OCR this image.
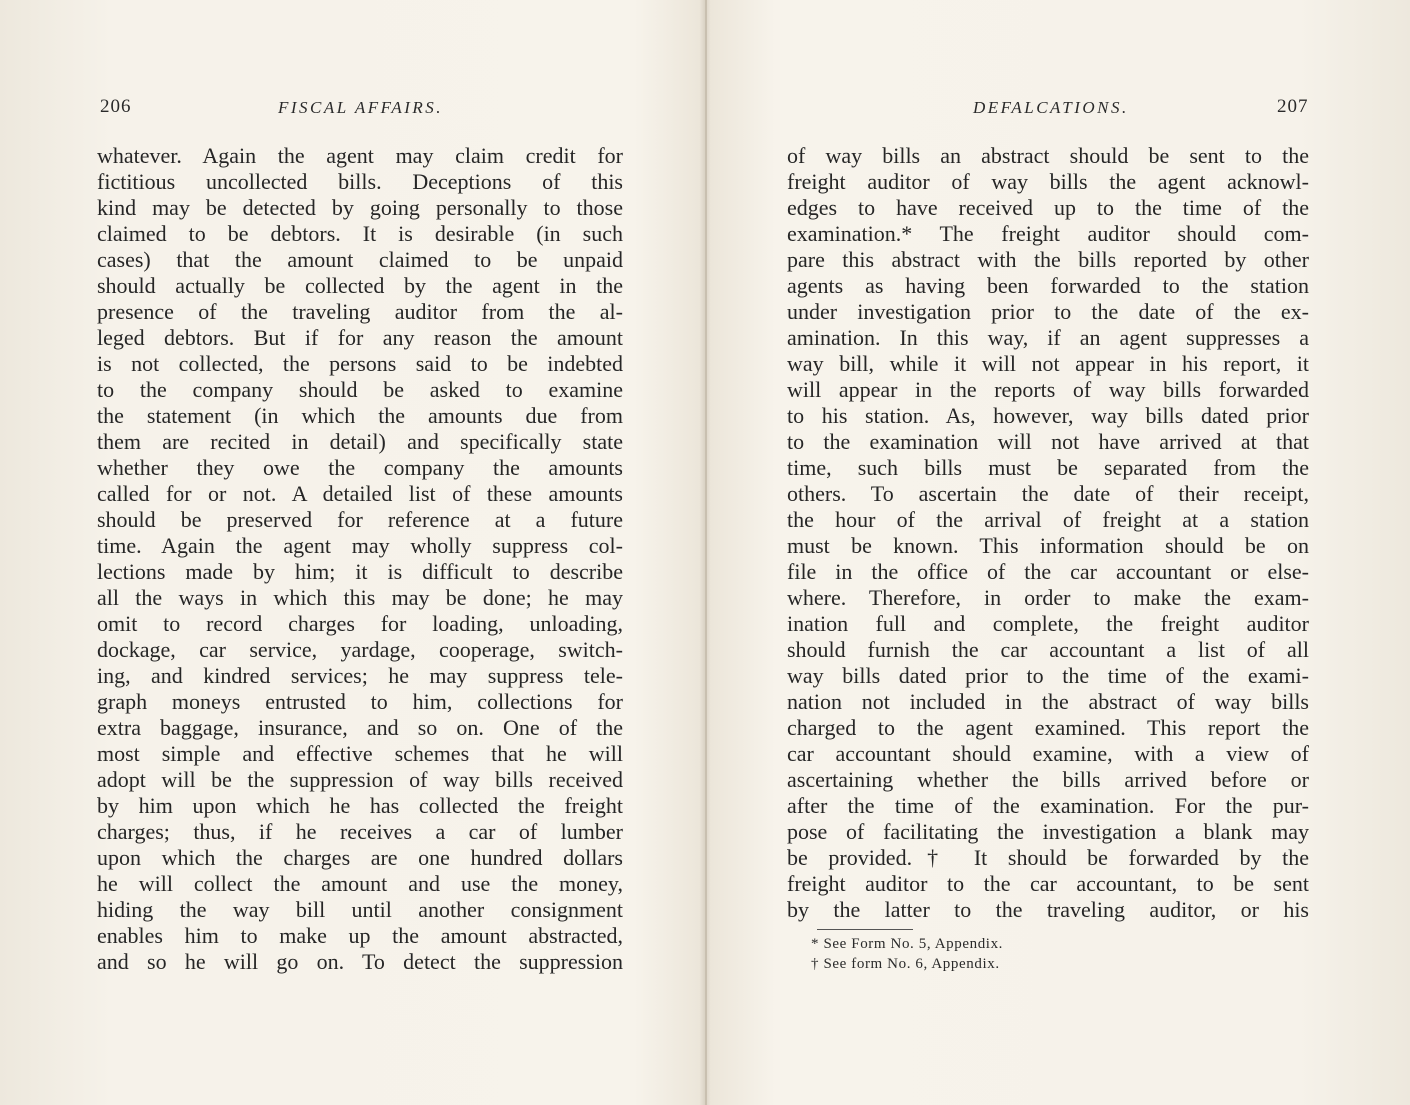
206	FISCAL AFFAIRS.
whatever. Again the agent may claim credit for
fictitious uncollected bills. Deceptions of this
kind may be detected by going personally to those
claimed to be debtors. It is desirable (in such
cases) that the amount claimed to be unpaid
should actually be collected by the agent in the
presence of the traveling auditor from the al-
leged debtors. But if for any reason the amount
is not collected, the persons said to be indebted
to the company should be asked to examine
the statement (in which the amounts due from
them are recited in detail) and specifically state
whether they owe the company the amounts
called for or not. A detailed list of these amounts
should be preserved for reference at a future
time. Again the agent may wholly suppress col-
lections made by him; it is difficult to describe
all the ways in which this may be done; he may
omit to record charges for loading, unloading,
dockage, car service, yardage, cooperage, switch-
ing, and kindred services; he may suppress tele-
graph moneys entrusted to him, collections for
extra baggage, insurance, and so on. One of the
most simple and effective schemes that he will
adopt will be the suppression of way bills received
by him upon which he has collected the freight
charges; thus, if he receives a car of lumber
upon which the charges are one hundred dollars
he will collect the amount and use the money,
hiding the way bill until another consignment
enables him to make up the amount abstracted,
and so he will go on. To detect the suppression
DEFALCATIONS.	207
of way bills an abstract should be sent to the
freight auditor of way bills the agent acknowl-
edges to have received up to the time of the
examination.* The freight auditor should com-
pare this abstract with the bills reported by other
agents as having been forwarded to the station
under investigation prior to the date of the ex-
amination. In this way, if an agent suppresses a
way bill, while it will not appear in his report, it
will appear in the reports of way bills forwarded
to his station. As, however, way bills dated prior
to the examination will not have arrived at that
time, such bills must be separated from the
others. To ascertain the date of their receipt,
the hour of the arrival of freight at a station
must be known. This information should be on
file in the office of the car accountant or else-
where. Therefore, in order to make the exam-
ination full and complete, the freight auditor
should furnish the car accountant a list of all
way bills dated prior to the time of the exami-
nation not included in the abstract of way bills
charged to the agent examined. This report the
car accountant should examine, with a view of
ascertaining whether the bills arrived before or
after the time of the examination. For the pur-
pose of facilitating the investigation a blank may
be provided.† It should be forwarded by the
freight auditor to the car accountant, to be sent
by the latter to the traveling auditor, or his
* See Form No. 5, Appendix.
† See form No. 6, Appendix.
